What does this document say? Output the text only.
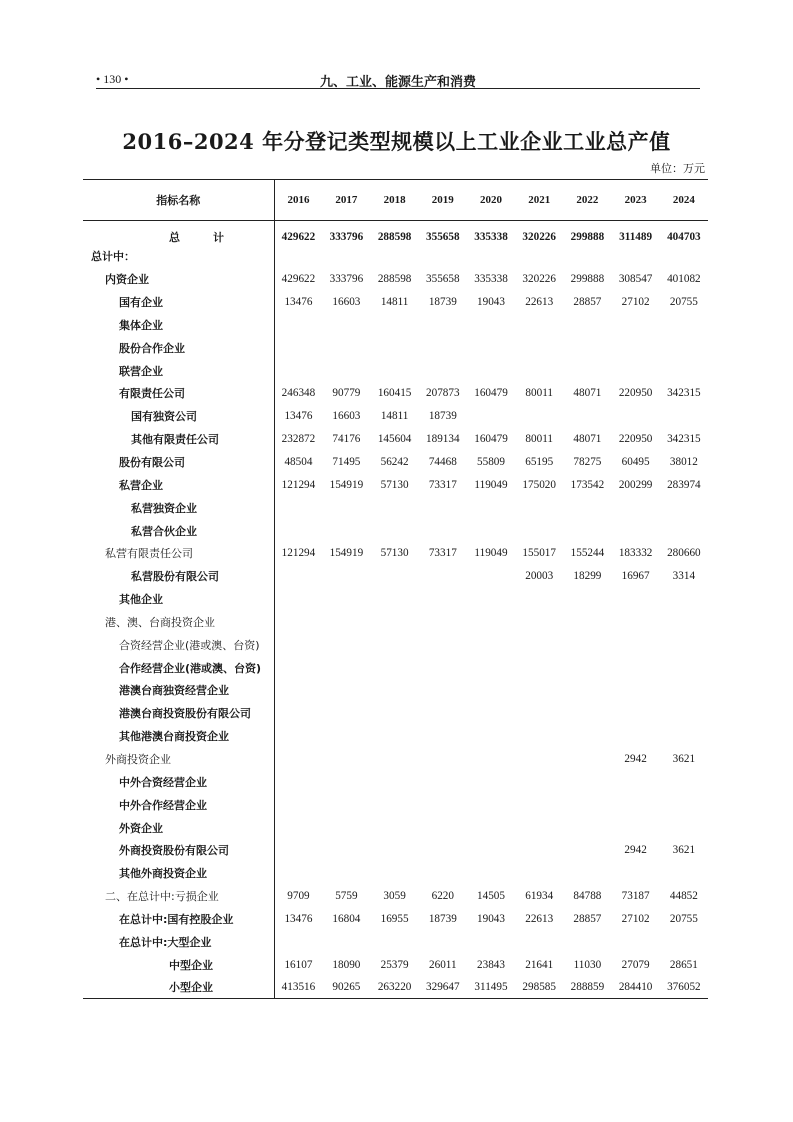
• 130 •	九、工业、能源生产和消费
2016–2024 年分登记类型规模以上工业企业工业总产值
单位：万元
指标名称	2016	2017	2018	2019	2020	2021	2022	2023	2024
总　　　计	429622	333796	288598	355658	335338	320226	299888	311489	404703
总计中：									
内资企业	429622	333796	288598	355658	335338	320226	299888	308547	401082
国有企业	13476	16603	14811	18739	19043	22613	28857	27102	20755
集体企业									
股份合作企业									
联营企业									
有限责任公司	246348	90779	160415	207873	160479	80011	48071	220950	342315
国有独资公司	13476	16603	14811	18739					
其他有限责任公司	232872	74176	145604	189134	160479	80011	48071	220950	342315
股份有限公司	48504	71495	56242	74468	55809	65195	78275	60495	38012
私营企业	121294	154919	57130	73317	119049	175020	173542	200299	283974
私营独资企业									
私营合伙企业									
私营有限责任公司	121294	154919	57130	73317	119049	155017	155244	183332	280660
私营股份有限公司						20003	18299	16967	3314
其他企业									
港、澳、台商投资企业									
合资经营企业(港或澳、台资)									
合作经营企业(港或澳、台资)									
港澳台商独资经营企业									
港澳台商投资股份有限公司									
其他港澳台商投资企业									
外商投资企业								2942	3621
中外合资经营企业									
中外合作经营企业									
外资企业									
外商投资股份有限公司								2942	3621
其他外商投资企业									
二、在总计中:亏损企业	9709	5759	3059	6220	14505	61934	84788	73187	44852
在总计中:国有控股企业	13476	16804	16955	18739	19043	22613	28857	27102	20755
在总计中:大型企业									
中型企业	16107	18090	25379	26011	23843	21641	11030	27079	28651
小型企业	413516	90265	263220	329647	311495	298585	288859	284410	376052
